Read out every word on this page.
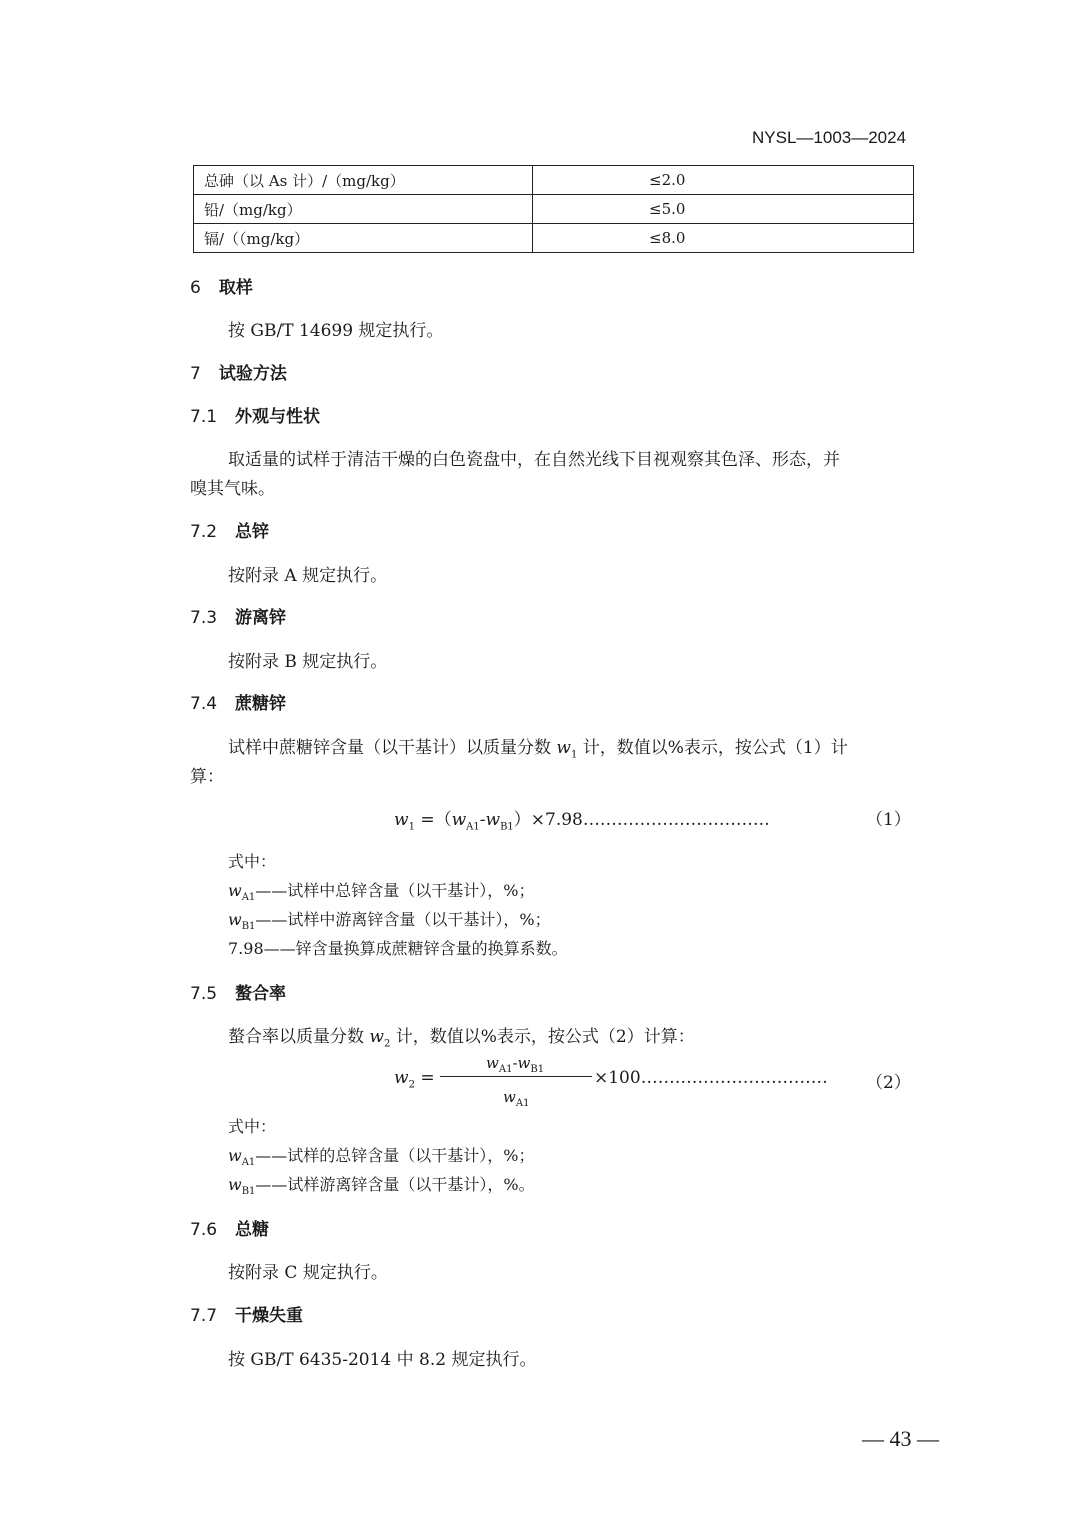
NYSL—1003—2024
总砷（以 As 计）/（mg/kg）	≤2.0
铅/（mg/kg）	≤5.0
镉/（（mg/kg）	≤8.0
6 取样
按 GB/T 14699 规定执行。
7 试验方法
7.1 外观与性状
取适量的试样于清洁干燥的白色瓷盘中，在自然光线下目视观察其色泽、形态，并
嗅其气味。
7.2 总锌
按附录 A 规定执行。
7.3 游离锌
按附录 B 规定执行。
7.4 蔗糖锌
试样中蔗糖锌含量（以干基计）以质量分数 $w_1$ 计，数值以%表示，按公式（1）计
算：
$w_1$ $=(w_{A1}-w_{B1})\times 7.98\dots\dots\dots\dots\dots\dots\dots\dots\dots\dots\dots$	（1）
式中：
$w_{A1}——$试样中总锌含量（以干基计），%；
$w_{B1}——$试样中游离锌含量（以干基计），%；
7.98——锌含量换算成蔗糖锌含量的换算系数。
7.5 螯合率
螯合率以质量分数 $w_2$ 计，数值以%表示，按公式（2）计算：
$w_2$ =
$w_{A1}-w_{B1}$
$w_{A1}$
×100…………………………… （2）
式中：
$w_{A1}——$试样的总锌含量（以干基计），%；
$w_{B1}——$试样游离锌含量（以干基计），%。
7.6 总糖
按附录 C 规定执行。
7.7 干燥失重
按 GB/T 6435-2014 中 8.2 规定执行。
— 43 —
